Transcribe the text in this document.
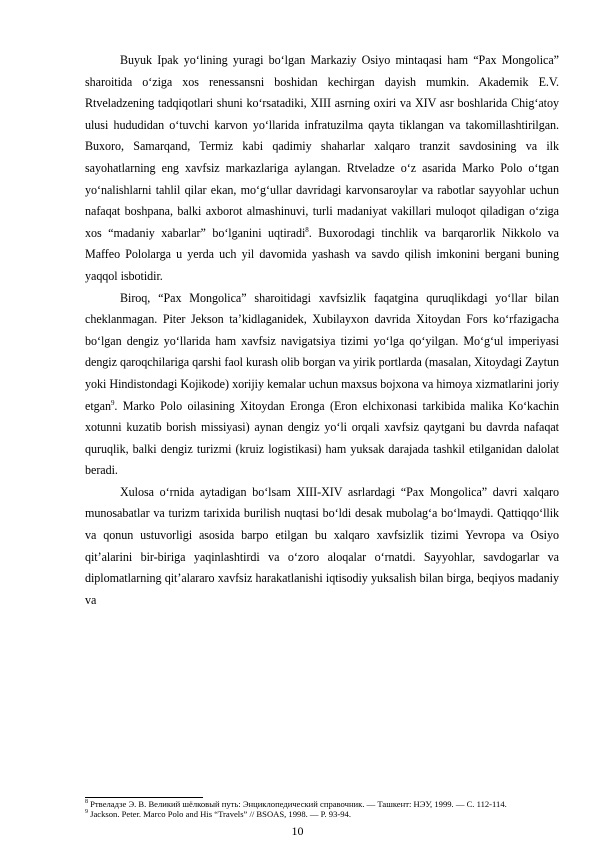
Buyuk Ipak yo‘lining yuragi bo‘lgan Markaziy Osiyo mintaqasi ham “Pax Mongolica” sharoitida o‘ziga xos renessansni boshidan kechirgan dayish mumkin. Akademik E.V. Rtveladzening tadqiqotlari shuni ko‘rsatadiki, XIII asrning oxiri va XIV asr boshlarida Chig‘atoy ulusi hududidan o‘tuvchi karvon yo‘llarida infratuzilma qayta tiklangan va takomillashtirilgan. Buxoro, Samarqand, Termiz kabi qadimiy shaharlar xalqaro tranzit savdosining va ilk sayohatlarning eng xavfsiz markazlariga aylangan. Rtveladze o‘z asarida Marko Polo o‘tgan yo‘nalishlarni tahlil qilar ekan, mo‘g‘ullar davridagi karvonsaroylar va rabotlar sayyohlar uchun nafaqat boshpana, balki axborot almashinuvi, turli madaniyat vakillari muloqot qiladigan o‘ziga xos “madaniy xabarlar” bo‘lganini uqtiradi$^8$. Buxorodagi tinchlik va barqarorlik Nikkolo va Maffeo Pololarga u yerda uch yil davomida yashash va savdo qilish imkonini bergani buning yaqqol isbotidir.

Biroq, “Pax Mongolica” sharoitidagi xavfsizlik faqatgina quruqlikdagi yo‘llar bilan cheklanmagan. Piter Jekson ta’kidlaganidek, Xubilayxon davrida Xitoydan Fors ko‘rfazigacha bo‘lgan dengiz yo‘llarida ham xavfsiz navigatsiya tizimi yo‘lga qo‘yilgan. Mo‘g‘ul imperiyasi dengiz qaroqchilariga qarshi faol kurash olib borgan va yirik portlarda (masalan, Xitoydagi Zaytun yoki Hindistondagi Kojikode) xorijiy kemalar uchun maxsus bojxona va himoya xizmatlarini joriy etgan$^9$. Marko Polo oilasining Xitoydan Eronga (Eron elchixonasi tarkibida malika Ko‘kachin xotunni kuzatib borish missiyasi) aynan dengiz yo‘li orqali xavfsiz qaytgani bu davrda nafaqat quruqlik, balki dengiz turizmi (kruiz logistikasi) ham yuksak darajada tashkil etilganidan dalolat beradi.

Xulosa o‘rnida aytadigan bo‘lsam XIII-XIV asrlardagi “Pax Mongolica” davri xalqaro munosabatlar va turizm tarixida burilish nuqtasi bo‘ldi desak mubolag‘a bo‘lmaydi. Qattiqqo‘llik va qonun ustuvorligi asosida barpo etilgan bu xalqaro xavfsizlik tizimi Yevropa va Osiyo qit’alarini bir-biriga yaqinlashtirdi va o‘zoro aloqalar o‘rnatdi. Sayyohlar, savdogarlar va diplomatlarning qit’alararo xavfsiz harakatlanishi iqtisodiy yuksalish bilan birga, beqiyos madaniy va

$^8$ Ртвеладзе Э. В. Великий шёлковый путь: Энциклопедический справочник. — Ташкент: НЭУ, 1999. — С. 112-114.

$^9$ Jackson. Peter. Marco Polo and His “Travels” // BSOAS, 1998. — P. 93-94.

10
